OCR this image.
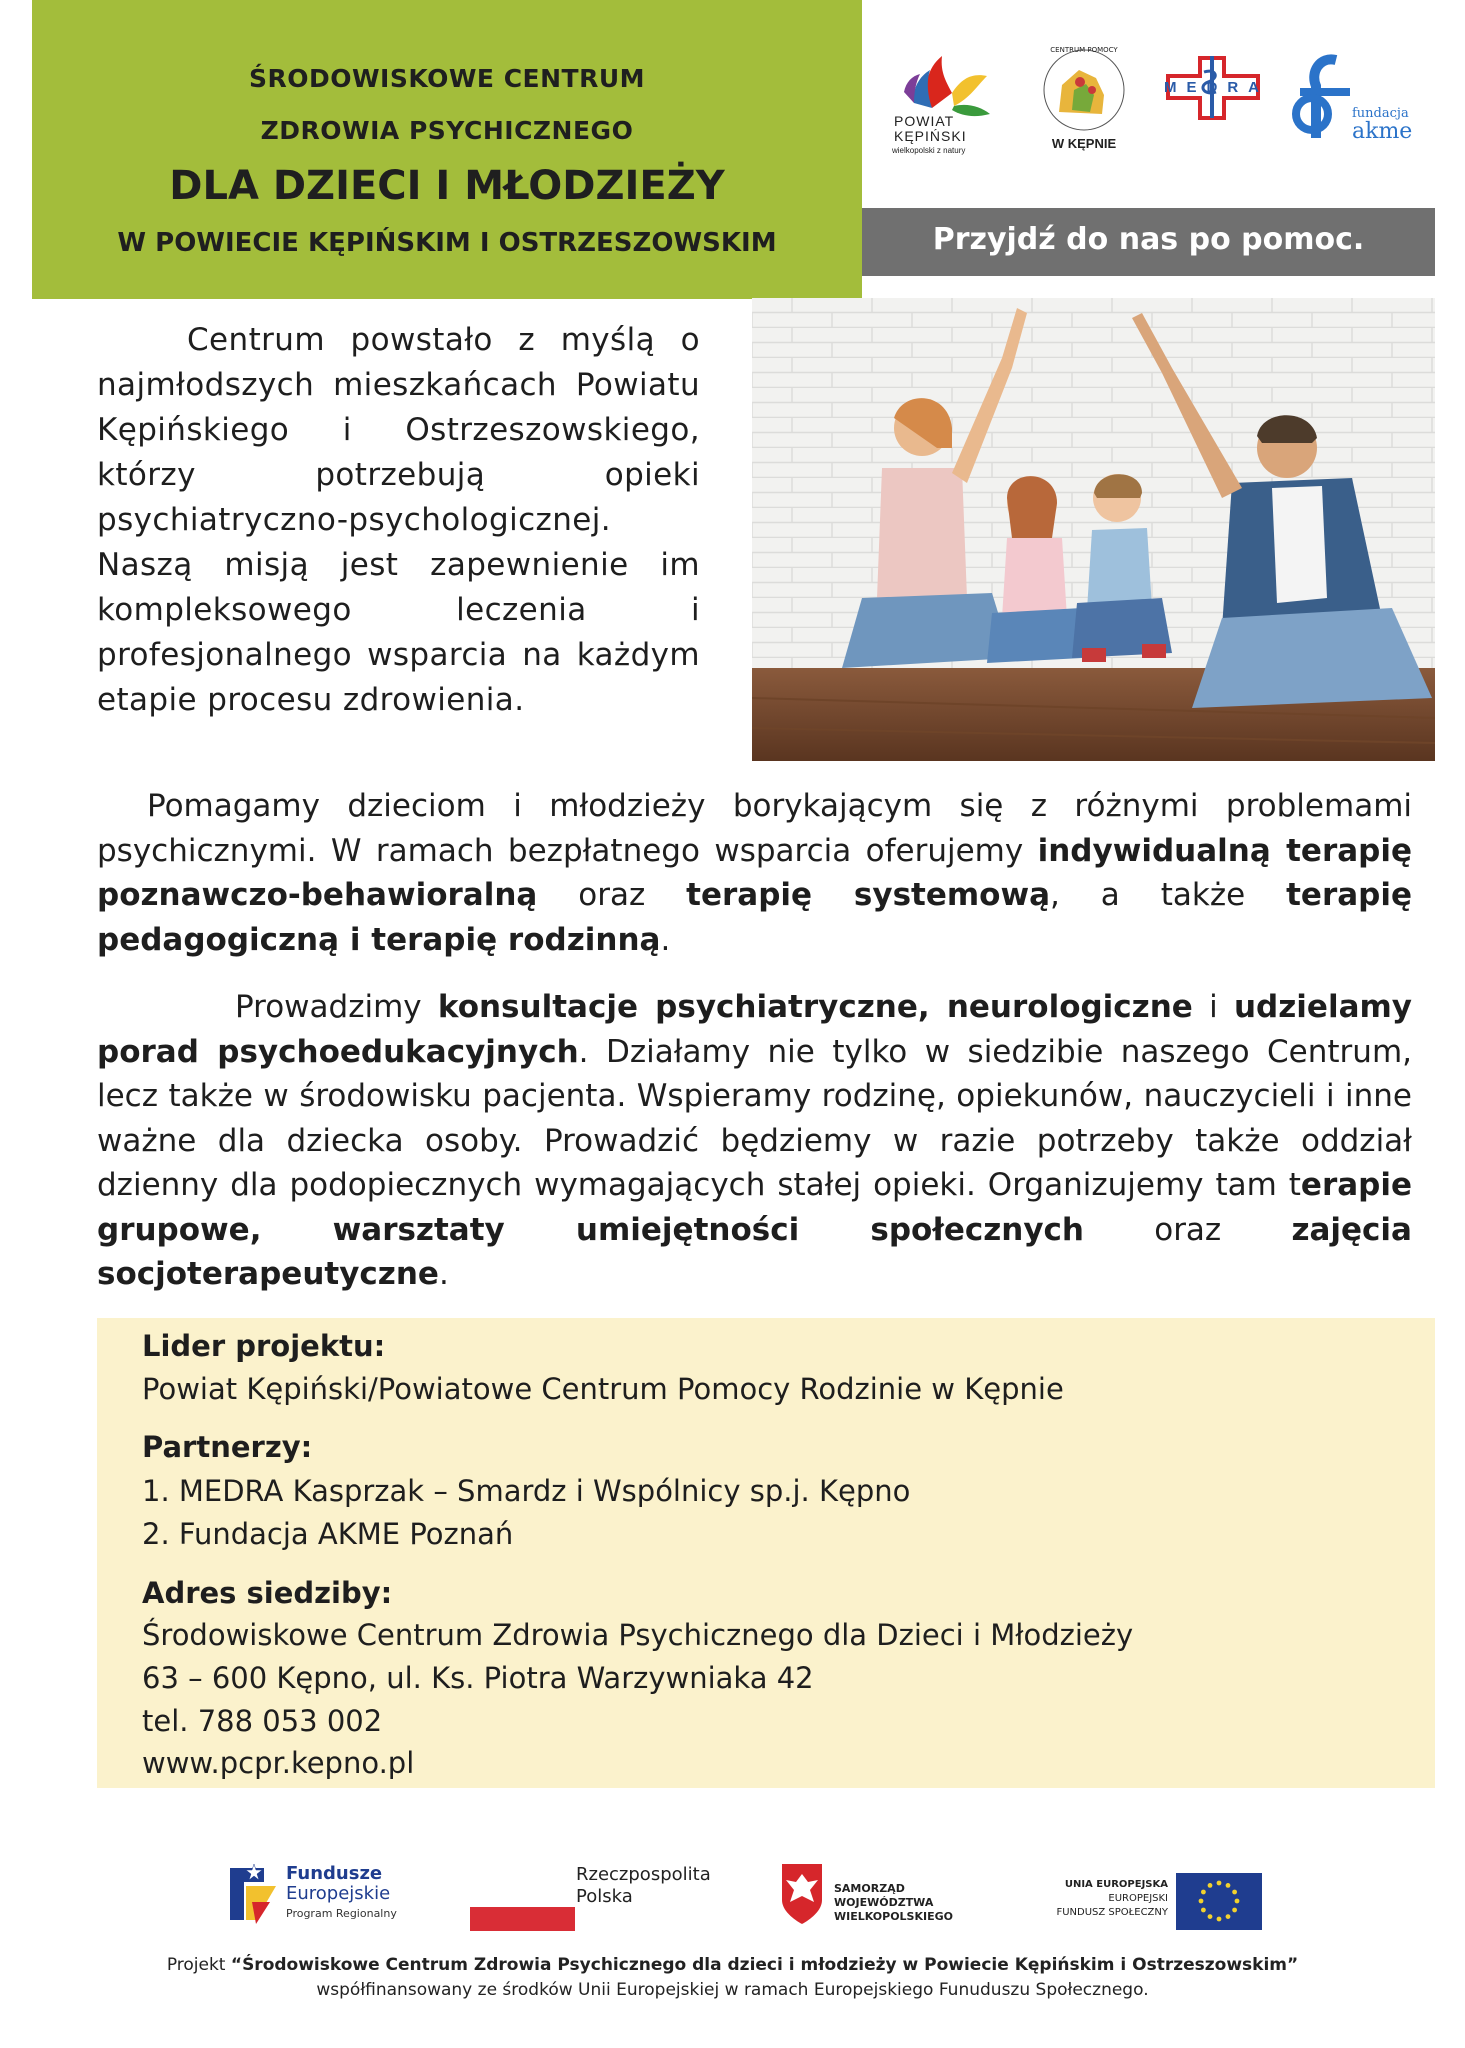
ŚRODOWISKOWE CENTRUM
ZDROWIA PSYCHICZNEGO
DLA DZIECI I MŁODZIEŻY
W POWIECIE KĘPIŃSKIM I OSTRZESZOWSKIM
POWIAT
KĘPIŃSKI
wielkopolski z natury
CENTRUM POMOCY
W KĘPNIE
MEDRA
fundacja
akme
Przyjdź do nas po pomoc.
Centrum powstało z myślą o najmłodszych mieszkańcach Powiatu Kępińskiego i Ostrzeszowskiego, którzy potrzebują opieki psychiatryczno-psychologicznej. Naszą misją jest zapewnienie im kompleksowego leczenia i profesjonalnego wsparcia na każdym etapie procesu zdrowienia.
Pomagamy dzieciom i młodzieży borykającym się z różnymi problemami psychicznymi. W ramach bezpłatnego wsparcia oferujemy indywidualną terapię poznawczo-behawioralną oraz terapię systemową, a także terapię pedagogiczną i terapię rodzinną.
Prowadzimy konsultacje psychiatryczne, neurologiczne i udzielamy porad psychoedukacyjnych. Działamy nie tylko w siedzibie naszego Centrum, lecz także w środowisku pacjenta. Wspieramy rodzinę, opiekunów, nauczycieli i inne ważne dla dziecka osoby. Prowadzić będziemy w razie potrzeby także oddział dzienny dla podopiecznych wymagających stałej opieki. Organizujemy tam terapie grupowe, warsztaty umiejętności społecznych oraz zajęcia socjoterapeutyczne.
Lider projektu:
Powiat Kępiński/Powiatowe Centrum Pomocy Rodzinie w Kępnie
Partnerzy:
1. MEDRA Kasprzak – Smardz i Wspólnicy sp.j. Kępno
2. Fundacja AKME Poznań
Adres siedziby:
Środowiskowe Centrum Zdrowia Psychicznego dla Dzieci i Młodzieży
63 – 600 Kępno, ul. Ks. Piotra Warzywniaka 42
tel. 788 053 002
www.pcpr.kepno.pl
Fundusze
Europejskie
Program Regionalny
Rzeczpospolita
Polska	SAMORZĄD WOJEWÓDZTWA
WIELKOPOLSKIEGO
UNIA EUROPEJSKA
EUROPEJSKI
FUNDUSZ SPOŁECZNY
Projekt “Środowiskowe Centrum Zdrowia Psychicznego dla dzieci i młodzieży w Powiecie Kępińskim i Ostrzeszowskim”
współfinansowany ze środków Unii Europejskiej w ramach Europejskiego Funuduszu Społecznego.
